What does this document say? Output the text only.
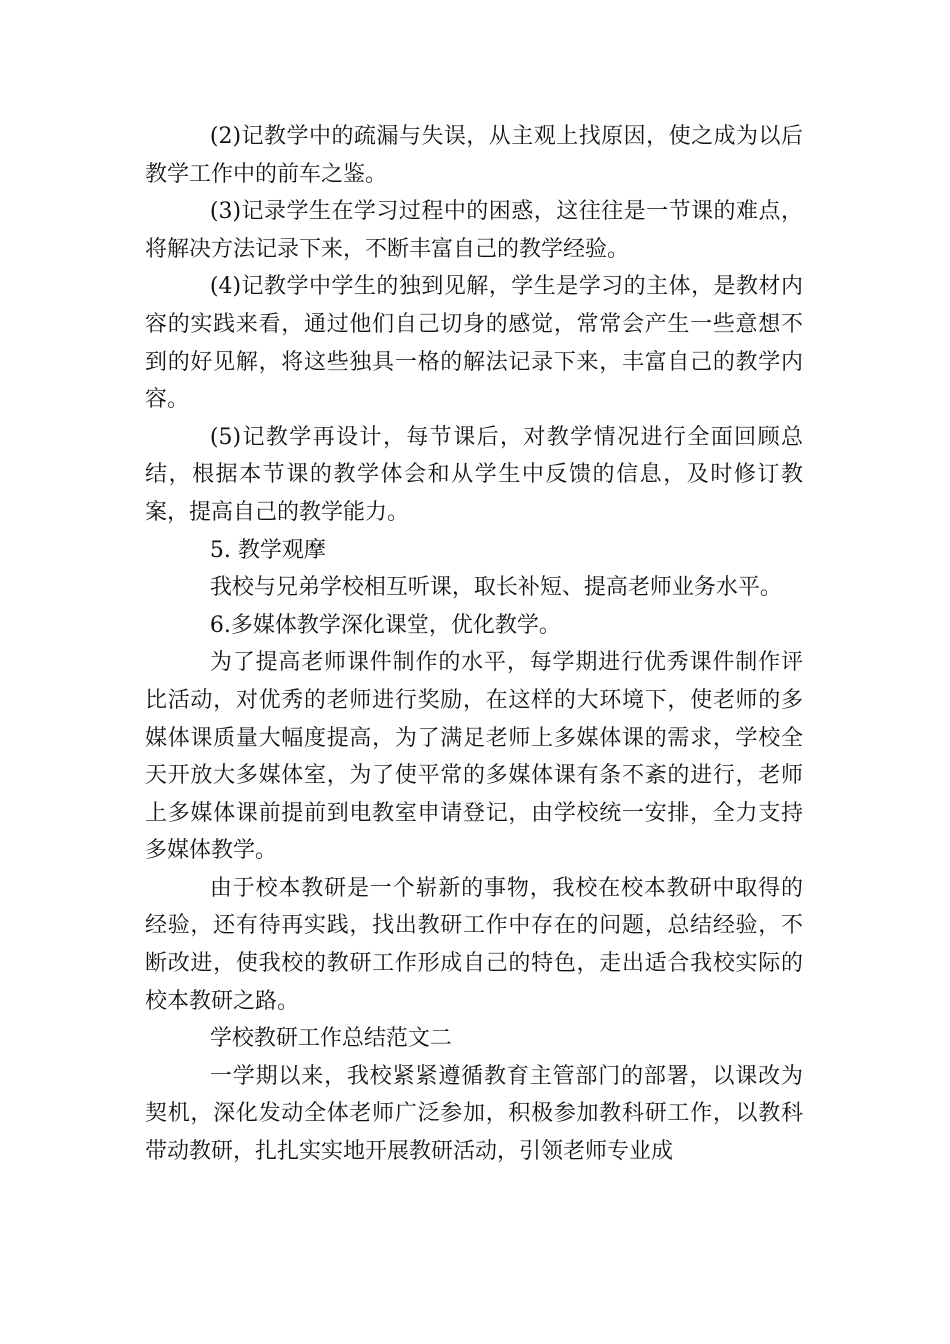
(2)记教学中的疏漏与失误，从主观上找原因，使之成为以后教学工作中的前车之鉴。

(3)记录学生在学习过程中的困惑，这往往是一节课的难点，将解决方法记录下来，不断丰富自己的教学经验。

(4)记教学中学生的独到见解，学生是学习的主体，是教材内容的实践来看，通过他们自己切身的感觉，常常会产生一些意想不到的好见解，将这些独具一格的解法记录下来，丰富自己的教学内容。

(5)记教学再设计，每节课后，对教学情况进行全面回顾总结，根据本节课的教学体会和从学生中反馈的信息，及时修订教案，提高自己的教学能力。

5. 教学观摩

我校与兄弟学校相互听课，取长补短、提高老师业务水平。

6.多媒体教学深化课堂，优化教学。

为了提高老师课件制作的水平，每学期进行优秀课件制作评比活动，对优秀的老师进行奖励，在这样的大环境下，使老师的多媒体课质量大幅度提高，为了满足老师上多媒体课的需求，学校全天开放大多媒体室，为了使平常的多媒体课有条不紊的进行，老师上多媒体课前提前到电教室申请登记，由学校统一安排，全力支持多媒体教学。

由于校本教研是一个崭新的事物，我校在校本教研中取得的经验，还有待再实践，找出教研工作中存在的问题，总结经验，不断改进，使我校的教研工作形成自己的特色，走出适合我校实际的校本教研之路。

学校教研工作总结范文二

一学期以来，我校紧紧遵循教育主管部门的部署，以课改为契机，深化发动全体老师广泛参加，积极参加教科研工作，以教科带动教研，扎扎实实地开展教研活动，引领老师专业成
